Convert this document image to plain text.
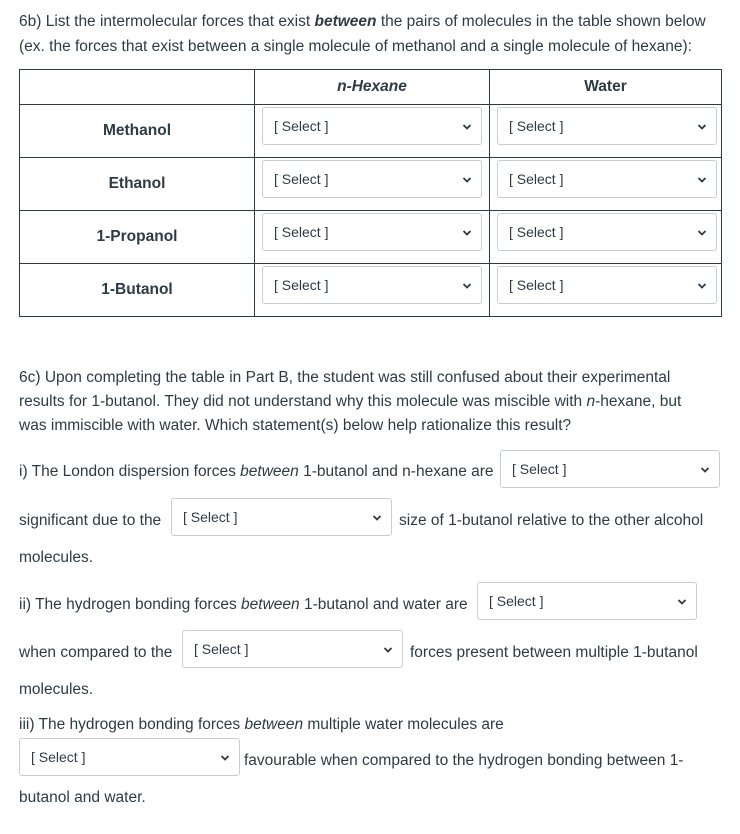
6b) List the intermolecular forces that exist between the pairs of molecules in the table shown below
(ex. the forces that exist between a single molecule of methanol and a single molecule of hexane):
	n-Hexane	Water
Methanol	[ Select ]	[ Select ]

Ethanol	[ Select ]	[ Select ]

1-Propanol	[ Select ]	[ Select ]

1-Butanol	[ Select ]	[ Select ]
6c) Upon completing the table in Part B, the student was still confused about their experimental
results for 1-butanol. They did not understand why this molecule was miscible with n-hexane, but
was immiscible with water. Which statement(s) below help rationalize this result?
i) The London dispersion forces between 1-butanol and n-hexane are [ Select ]
significant due to the [ Select ]	size of 1-butanol relative to the other alcohol
molecules.
ii) The hydrogen bonding forces between 1-butanol and water are [ Select ]
when compared to the [ Select ]	forces present between multiple 1-butanol
molecules.
iii) The hydrogen bonding forces between multiple water molecules are
[ Select ]	favourable when compared to the hydrogen bonding between 1-
butanol and water.
